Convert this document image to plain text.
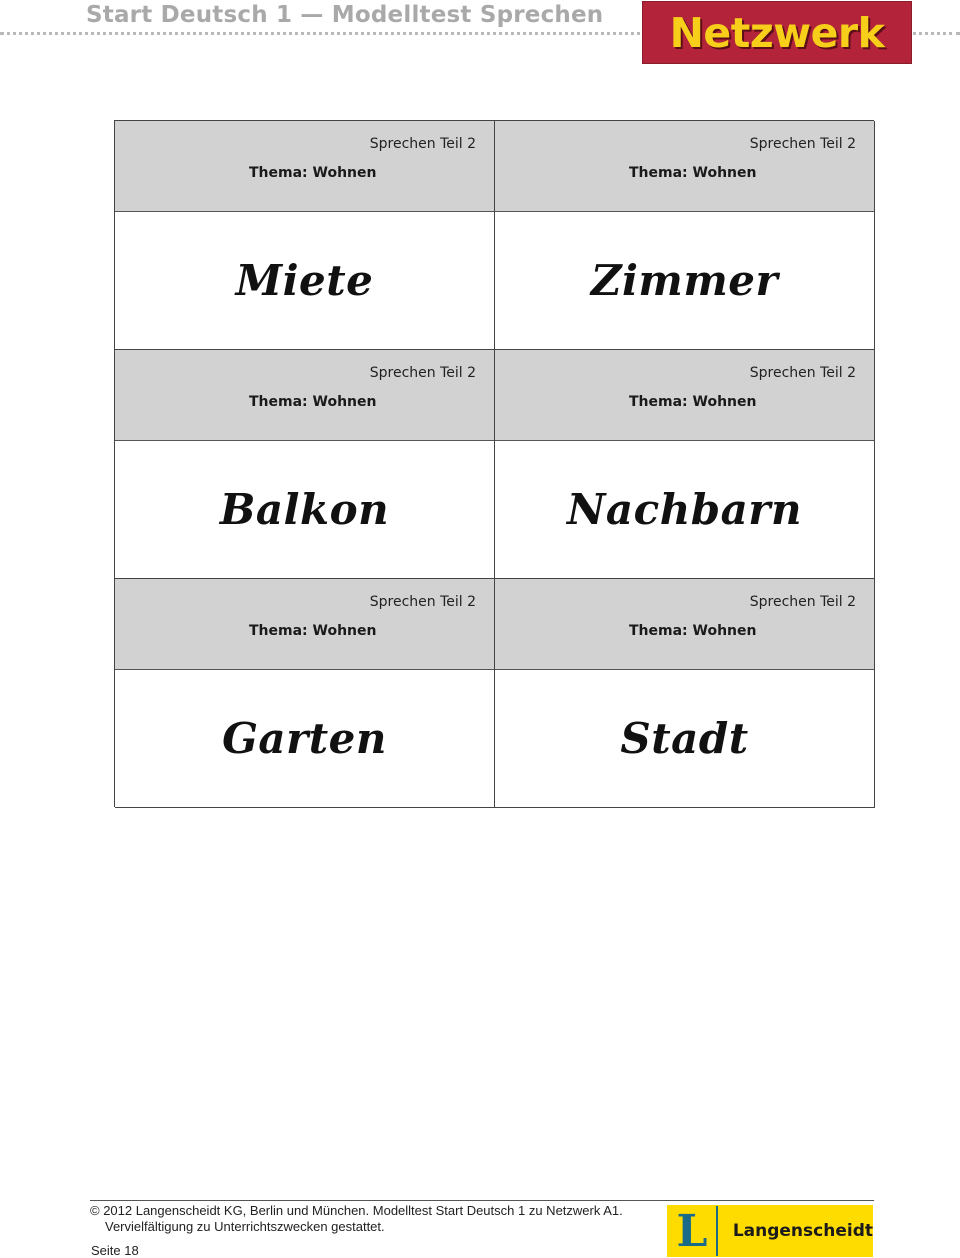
Start Deutsch 1 — Modelltest Sprechen Netzwerk
Sprechen Teil 2
Thema: Wohnen
Miete
Sprechen Teil 2
Thema: Wohnen
Zimmer
Sprechen Teil 2
Thema: Wohnen
Balkon
Sprechen Teil 2
Thema: Wohnen
Nachbarn
Sprechen Teil 2
Thema: Wohnen
Garten
Sprechen Teil 2
Thema: Wohnen
Stadt
© 2012 Langenscheidt KG, Berlin und München. Modelltest Start Deutsch 1 zu Netzwerk A1.
Vervielfältigung zu Unterrichtszwecken gestattet.
Seite 18	L Langenscheidt
